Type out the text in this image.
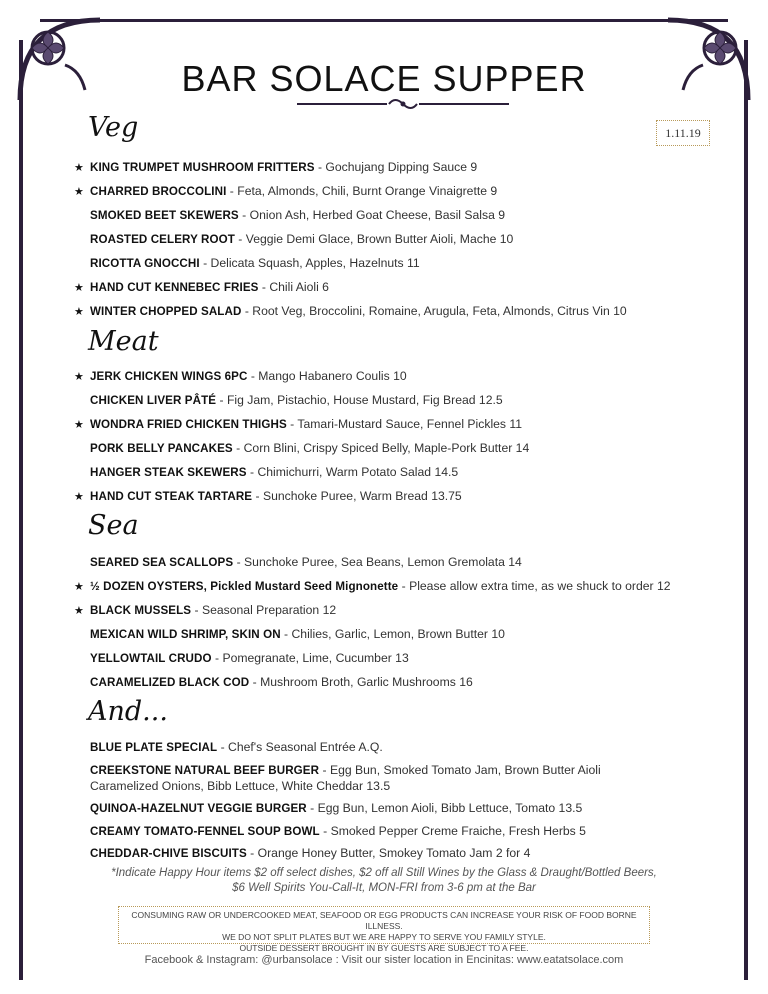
BAR SOLACE SUPPER
1.11.19
Veg
★ KING TRUMPET MUSHROOM FRITTERS - Gochujang Dipping Sauce 9
★ CHARRED BROCCOLINI - Feta, Almonds, Chili, Burnt Orange Vinaigrette 9
SMOKED BEET SKEWERS - Onion Ash, Herbed Goat Cheese, Basil Salsa 9
ROASTED CELERY ROOT - Veggie Demi Glace, Brown Butter Aioli, Mache 10
RICOTTA GNOCCHI - Delicata Squash, Apples, Hazelnuts 11
★ HAND CUT KENNEBEC FRIES - Chili Aioli 6
★ WINTER CHOPPED SALAD - Root Veg, Broccolini, Romaine, Arugula, Feta, Almonds, Citrus Vin 10
Meat
★ JERK CHICKEN WINGS 6PC - Mango Habanero Coulis 10
CHICKEN LIVER PÂTÉ - Fig Jam, Pistachio, House Mustard, Fig Bread 12.5
★ WONDRA FRIED CHICKEN THIGHS - Tamari-Mustard Sauce, Fennel Pickles 11
PORK BELLY PANCAKES - Corn Blini, Crispy Spiced Belly, Maple-Pork Butter 14
HANGER STEAK SKEWERS - Chimichurri, Warm Potato Salad 14.5
★ HAND CUT STEAK TARTARE - Sunchoke Puree, Warm Bread 13.75
Sea
SEARED SEA SCALLOPS - Sunchoke Puree, Sea Beans, Lemon Gremolata 14
★ ½ DOZEN OYSTERS, Pickled Mustard Seed Mignonette - Please allow extra time, as we shuck to order 12
★ BLACK MUSSELS - Seasonal Preparation 12
MEXICAN WILD SHRIMP, SKIN ON - Chilies, Garlic, Lemon, Brown Butter 10
YELLOWTAIL CRUDO - Pomegranate, Lime, Cucumber 13
CARAMELIZED BLACK COD - Mushroom Broth, Garlic Mushrooms 16
And...
BLUE PLATE SPECIAL - Chef's Seasonal Entrée A.Q.
CREEKSTONE NATURAL BEEF BURGER - Egg Bun, Smoked Tomato Jam, Brown Butter Aioli
Caramelized Onions, Bibb Lettuce, White Cheddar 13.5
QUINOA-HAZELNUT VEGGIE BURGER - Egg Bun, Lemon Aioli, Bibb Lettuce, Tomato 13.5
CREAMY TOMATO-FENNEL SOUP BOWL - Smoked Pepper Creme Fraiche, Fresh Herbs 5
CHEDDAR-CHIVE BISCUITS - Orange Honey Butter, Smokey Tomato Jam 2 for 4
*Indicate Happy Hour items $2 off select dishes, $2 off all Still Wines by the Glass & Draught/Bottled Beers,
$6 Well Spirits You-Call-It, MON-FRI from 3-6 pm at the Bar
CONSUMING RAW OR UNDERCOOKED MEAT, SEAFOOD OR EGG PRODUCTS CAN INCREASE YOUR RISK OF FOOD BORNE ILLNESS.
WE DO NOT SPLIT PLATES BUT WE ARE HAPPY TO SERVE YOU FAMILY STYLE.
OUTSIDE DESSERT BROUGHT IN BY GUESTS ARE SUBJECT TO A FEE.
Facebook & Instagram: @urbansolace : Visit our sister location in Encinitas: www.eatatsolace.com
